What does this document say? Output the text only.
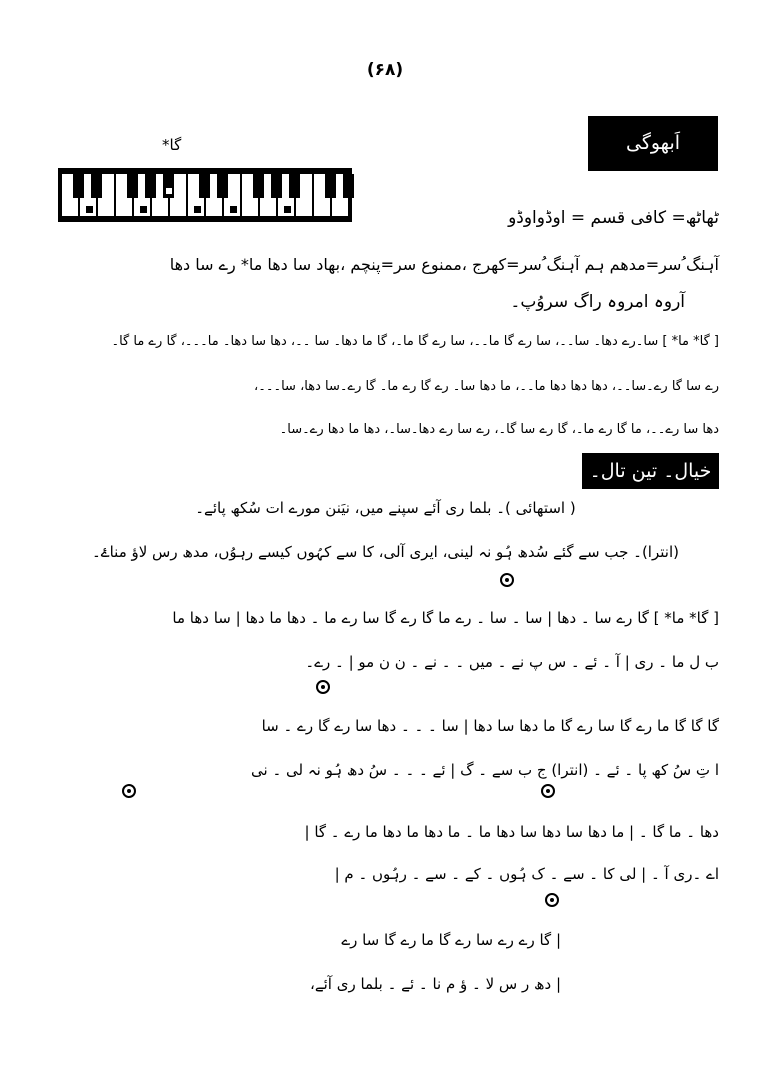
(۶۸)
اَبھوگی
گا*
ٹھاٹھ= کافی قسم = اوڈواوڈو
آہنگ ُسر=مدھم ہم آہنگ ُسر=کھرج ،ممنوع سر=پنچم ،بھاد سا دھا ما* رے سا دھا
آروہ امروہ راگ سروُپ۔
[ گا* ما* ] سا۔رے دھا۔ سا۔۔، سا رے گا ما۔۔، سا رے گا ما۔، گا ما دھا۔ سا ۔۔، دھا سا دھا۔ ما۔۔۔، گا رے ما گا۔
رے سا گا رے۔سا۔۔، دھا دھا دھا ما۔۔، ما دھا سا۔ رے گا رے ما۔ گا رے۔سا دھا، سا۔۔۔،
دھا سا رے۔۔، ما گا رے ما۔، گا رے سا گا۔، رے سا رے دھا۔سا۔، دھا ما دھا رے۔سا۔
خیال۔ تین تال۔
( استھائی )۔ بلما ری آئے سپنے میں، نیَنن مورے ات سُکھ پائے۔
(انترا)۔ جب سے گئے سُدھ ہُو نہ لینی، ایری آلی، کا سے کہُوں کیسے رہوُں، مدھ رس لاؤ مناۓ۔
[ گا* ما* ] گا رے سا ۔ دھا | سا ۔ سا ۔ رے ما گا رے گا سا رے ما ۔ دھا ما دھا | سا دھا ما
ب ل ما ۔ ری | آ ۔ ئے ۔ س پ نے ۔ میں ۔ ۔ نے ۔ ن ن مو | ۔ رے۔
گا گا گا ما رے گا سا رے گا ما دھا سا دھا | سا ۔ ۔ ۔ دھا سا رے گا رے ۔ سا
ا تِ سُ کھ پا ۔ ئے ۔ (انترا) ج ب سے ۔ گ | ئے ۔ ۔ ۔ سُ دھ ہُو نہ لی ۔ نی
دھا ۔ ما گا ۔ | ما دھا سا دھا سا دھا ما ۔ ما دھا ما دھا ما رے ۔ گا |
اے ۔ری آ ۔ | لی کا ۔ سے ۔ ک ہُوں ۔ کے ۔ سے ۔ رہُوں ۔ م |
| گا رے رے سا رے گا ما رے گا سا رے
| دھ ر س لا ۔ ؤ م نا ۔ ئے ۔ بلما ری آئے،
